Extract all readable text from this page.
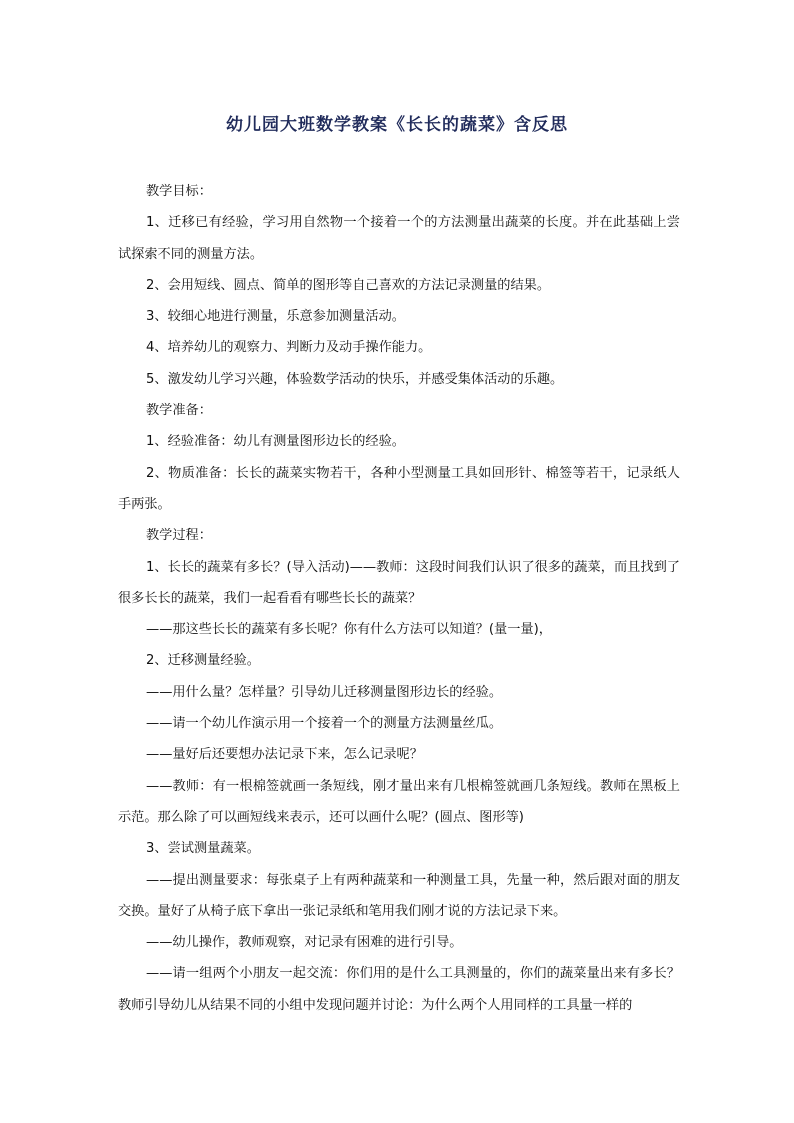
幼儿园大班数学教案《长长的蔬菜》含反思

教学目标：

1、迁移已有经验，学习用自然物一个接着一个的方法测量出蔬菜的长度。并在此基础上尝试探索不同的测量方法。

2、会用短线、圆点、简单的图形等自己喜欢的方法记录测量的结果。

3、较细心地进行测量，乐意参加测量活动。

4、培养幼儿的观察力、判断力及动手操作能力。

5、激发幼儿学习兴趣，体验数学活动的快乐，并感受集体活动的乐趣。

教学准备：

1、经验准备：幼儿有测量图形边长的经验。

2、物质准备：长长的蔬菜实物若干，各种小型测量工具如回形针、棉签等若干，记录纸人手两张。

教学过程：

1、长长的蔬菜有多长？(导入活动)——教师：这段时间我们认识了很多的蔬菜，而且找到了很多长长的蔬菜，我们一起看看有哪些长长的蔬菜？

——那这些长长的蔬菜有多长呢？你有什么方法可以知道？(量一量)，

2、迁移测量经验。

——用什么量？怎样量？引导幼儿迁移测量图形边长的经验。

——请一个幼儿作演示用一个接着一个的测量方法测量丝瓜。

——量好后还要想办法记录下来，怎么记录呢？

——教师：有一根棉签就画一条短线，刚才量出来有几根棉签就画几条短线。教师在黑板上示范。那么除了可以画短线来表示，还可以画什么呢？(圆点、图形等)

3、尝试测量蔬菜。

——提出测量要求：每张桌子上有两种蔬菜和一种测量工具，先量一种，然后跟对面的朋友交换。量好了从椅子底下拿出一张记录纸和笔用我们刚才说的方法记录下来。

——幼儿操作，教师观察，对记录有困难的进行引导。

——请一组两个小朋友一起交流：你们用的是什么工具测量的，你们的蔬菜量出来有多长？教师引导幼儿从结果不同的小组中发现问题并讨论：为什么两个人用同样的工具量一样的
